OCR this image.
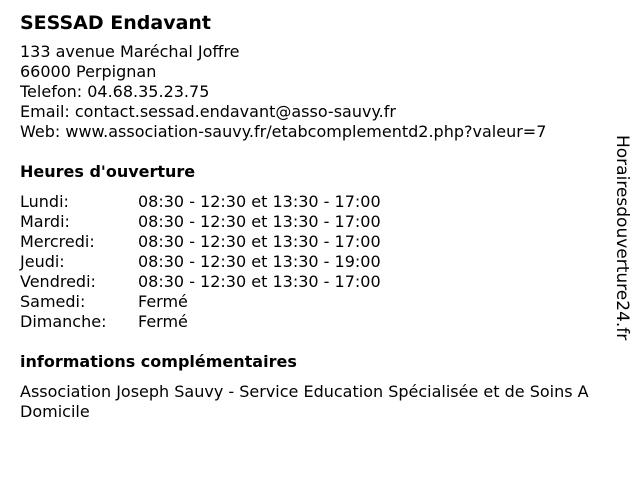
SESSAD Endavant
133 avenue Maréchal Joffre
66000 Perpignan
Telefon: 04.68.35.23.75
Email: contact.sessad.endavant@asso-sauvy.fr
Web: www.association-sauvy.fr/etabcomplementd2.php?valeur=7
Heures d'ouverture
Lundi:	08:30 - 12:30 et 13:30 - 17:00
Mardi:	08:30 - 12:30 et 13:30 - 17:00
Mercredi:	08:30 - 12:30 et 13:30 - 17:00
Jeudi:	08:30 - 12:30 et 13:30 - 19:00
Vendredi:	08:30 - 12:30 et 13:30 - 17:00
Samedi:	Fermé
Dimanche:	Fermé
informations complémentaires
Association Joseph Sauvy - Service Education Spécialisée et de Soins A Domicile
Horairesdouverture24.fr
